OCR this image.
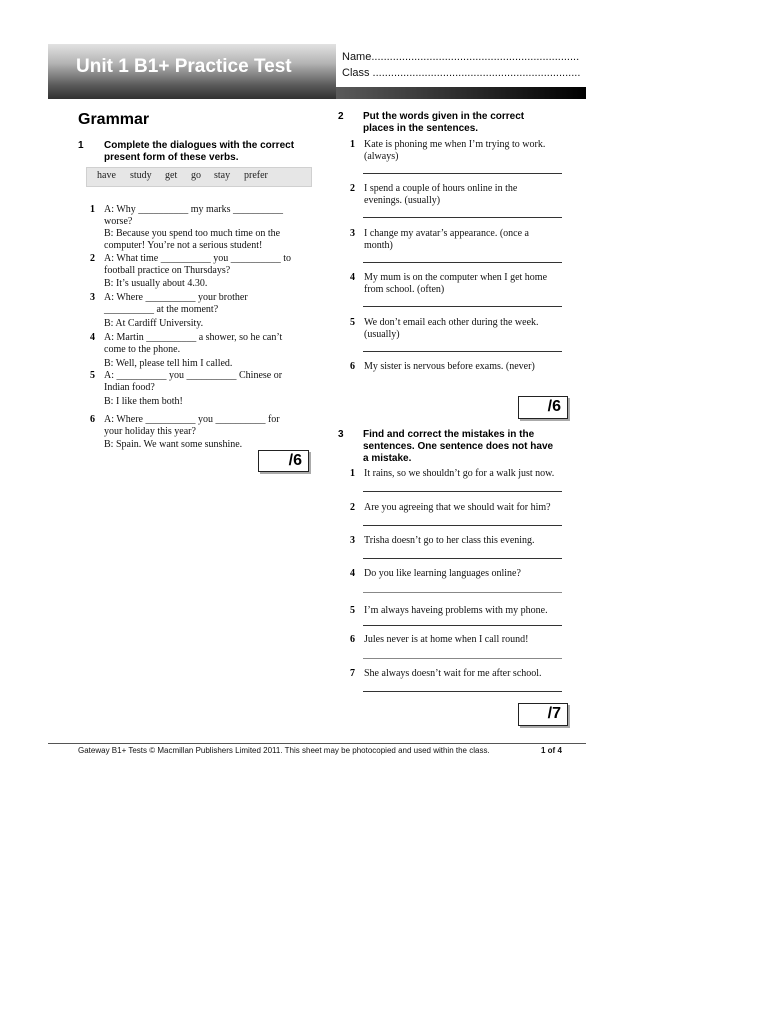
Unit 1 B1+ Practice Test	Name....................................................................
Class ....................................................................
Grammar
1 Complete the dialogues with the correct
present form of these verbs.
have study get go stay prefer
1 A: Why __________ my marks __________
worse?
B: Because you spend too much time on the
computer! You’re not a serious student!
2 A: What time __________ you __________ to
football practice on Thursdays?
B: It’s usually about 4.30.
3 A: Where __________ your brother
__________ at the moment?
B: At Cardiff University.
4 A: Martin __________ a shower, so he can’t
come to the phone.
B: Well, please tell him I called.
5 A: __________ you __________ Chinese or
Indian food?
B: I like them both!
6 A: Where __________ you __________ for
your holiday this year?
B: Spain. We want some sunshine.
/6
2 Put the words given in the correct
places in the sentences.
1 Kate is phoning me when I’m trying to work.
(always)
2 I spend a couple of hours online in the
evenings. (usually)
3 I change my avatar’s appearance. (once a
month)
4 My mum is on the computer when I get home
from school. (often)
5 We don’t email each other during the week.
(usually)
6 My sister is nervous before exams. (never)
/6
3 Find and correct the mistakes in the
sentences. One sentence does not have
a mistake.
1 It rains, so we shouldn’t go for a walk just now.
2 Are you agreeing that we should wait for him?
3 Trisha doesn’t go to her class this evening.
4 Do you like learning languages online?
5 I’m always haveing problems with my phone.
6 Jules never is at home when I call round!
7 She always doesn’t wait for me after school.
/7
Gateway B1+ Tests © Macmillan Publishers Limited 2011. This sheet may be photocopied and used within the class.	1 of 4
